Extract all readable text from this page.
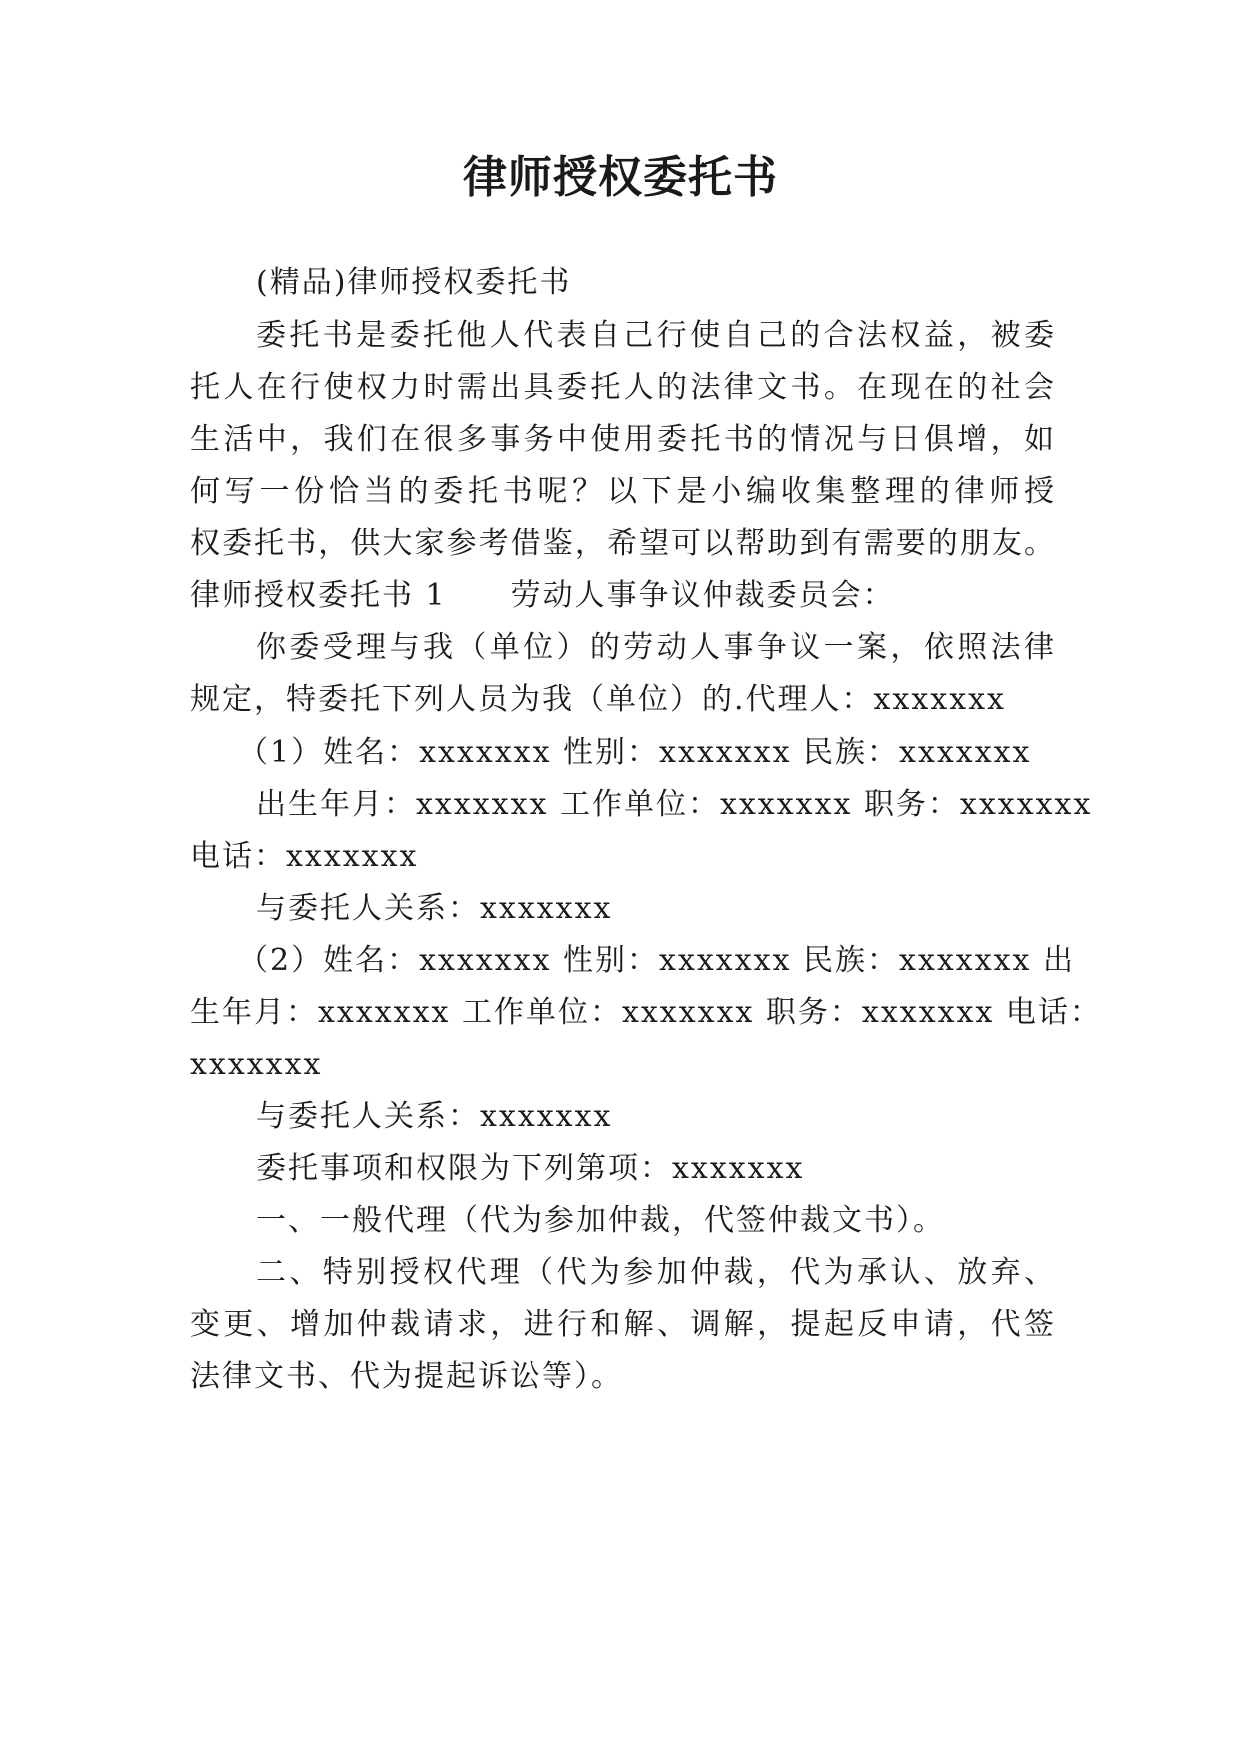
律师授权委托书

(精品)律师授权委托书

委托书是委托他人代表自己行使自己的合法权益，被委

托人在行使权力时需出具委托人的法律文书。在现在的社会

生活中，我们在很多事务中使用委托书的情况与日俱增，如

何写一份恰当的委托书呢？以下是小编收集整理的律师授

权委托书，供大家参考借鉴，希望可以帮助到有需要的朋友。

律师授权委托书 1　　劳动人事争议仲裁委员会：

你委受理与我（单位）的劳动人事争议一案，依照法律

规定，特委托下列人员为我（单位）的.代理人：xxxxxxx

（1）姓名：xxxxxxx 性别：xxxxxxx 民族：xxxxxxx

出生年月：xxxxxxx 工作单位：xxxxxxx 职务：xxxxxxx

电话：xxxxxxx

与委托人关系：xxxxxxx

（2）姓名：xxxxxxx 性别：xxxxxxx 民族：xxxxxxx 出

生年月：xxxxxxx 工作单位：xxxxxxx 职务：xxxxxxx 电话：

xxxxxxx

与委托人关系：xxxxxxx

委托事项和权限为下列第项：xxxxxxx

一、一般代理（代为参加仲裁，代签仲裁文书）。

二、特别授权代理（代为参加仲裁，代为承认、放弃、

变更、增加仲裁请求，进行和解、调解，提起反申请，代签

法律文书、代为提起诉讼等）。
